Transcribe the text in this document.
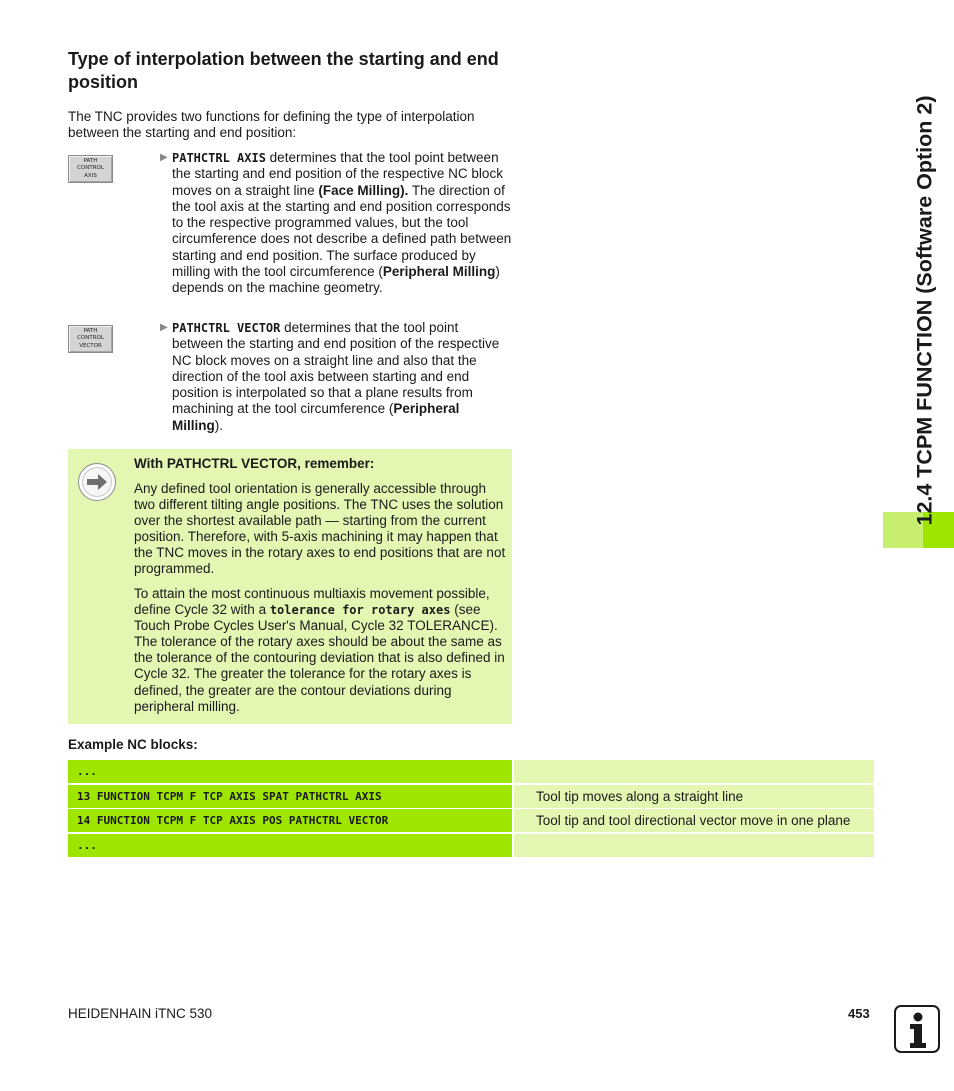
Type of interpolation between the starting and end position

The TNC provides two functions for defining the type of interpolation between the starting and end position:

PATH
CONTROL
AXIS
▶ PATHCTRL AXIS determines that the tool point between the starting and end position of the respective NC block moves on a straight line (Face Milling). The direction of the tool axis at the starting and end position corresponds to the respective programmed values, but the tool circumference does not describe a defined path between starting and end position. The surface produced by milling with the tool circumference (Peripheral Milling) depends on the machine geometry.
PATH
CONTROL
VECTOR
▶ PATHCTRL VECTOR determines that the tool point between the starting and end position of the respective NC block moves on a straight line and also that the direction of the tool axis between starting and end position is interpolated so that a plane results from machining at the tool circumference (Peripheral Milling).
With PATHCTRL VECTOR, remember:

Any defined tool orientation is generally accessible through two different tilting angle positions. The TNC uses the solution over the shortest available path — starting from the current position. Therefore, with 5-axis machining it may happen that the TNC moves in the rotary axes to end positions that are not programmed.

To attain the most continuous multiaxis movement possible, define Cycle 32 with a tolerance for rotary axes (see Touch Probe Cycles User's Manual, Cycle 32 TOLERANCE). The tolerance of the rotary axes should be about the same as the tolerance of the contouring deviation that is also defined in Cycle 32. The greater the tolerance for the rotary axes is defined, the greater are the contour deviations during peripheral milling.

Example NC blocks:
...
13 FUNCTION TCPM F TCP AXIS SPAT PATHCTRL AXIS	Tool tip moves along a straight line
14 FUNCTION TCPM F TCP AXIS POS PATHCTRL VECTOR	Tool tip and tool directional vector move in one plane
...
12.4 TCPM FUNCTION (Software Option 2)
HEIDENHAIN iTNC 530	453
